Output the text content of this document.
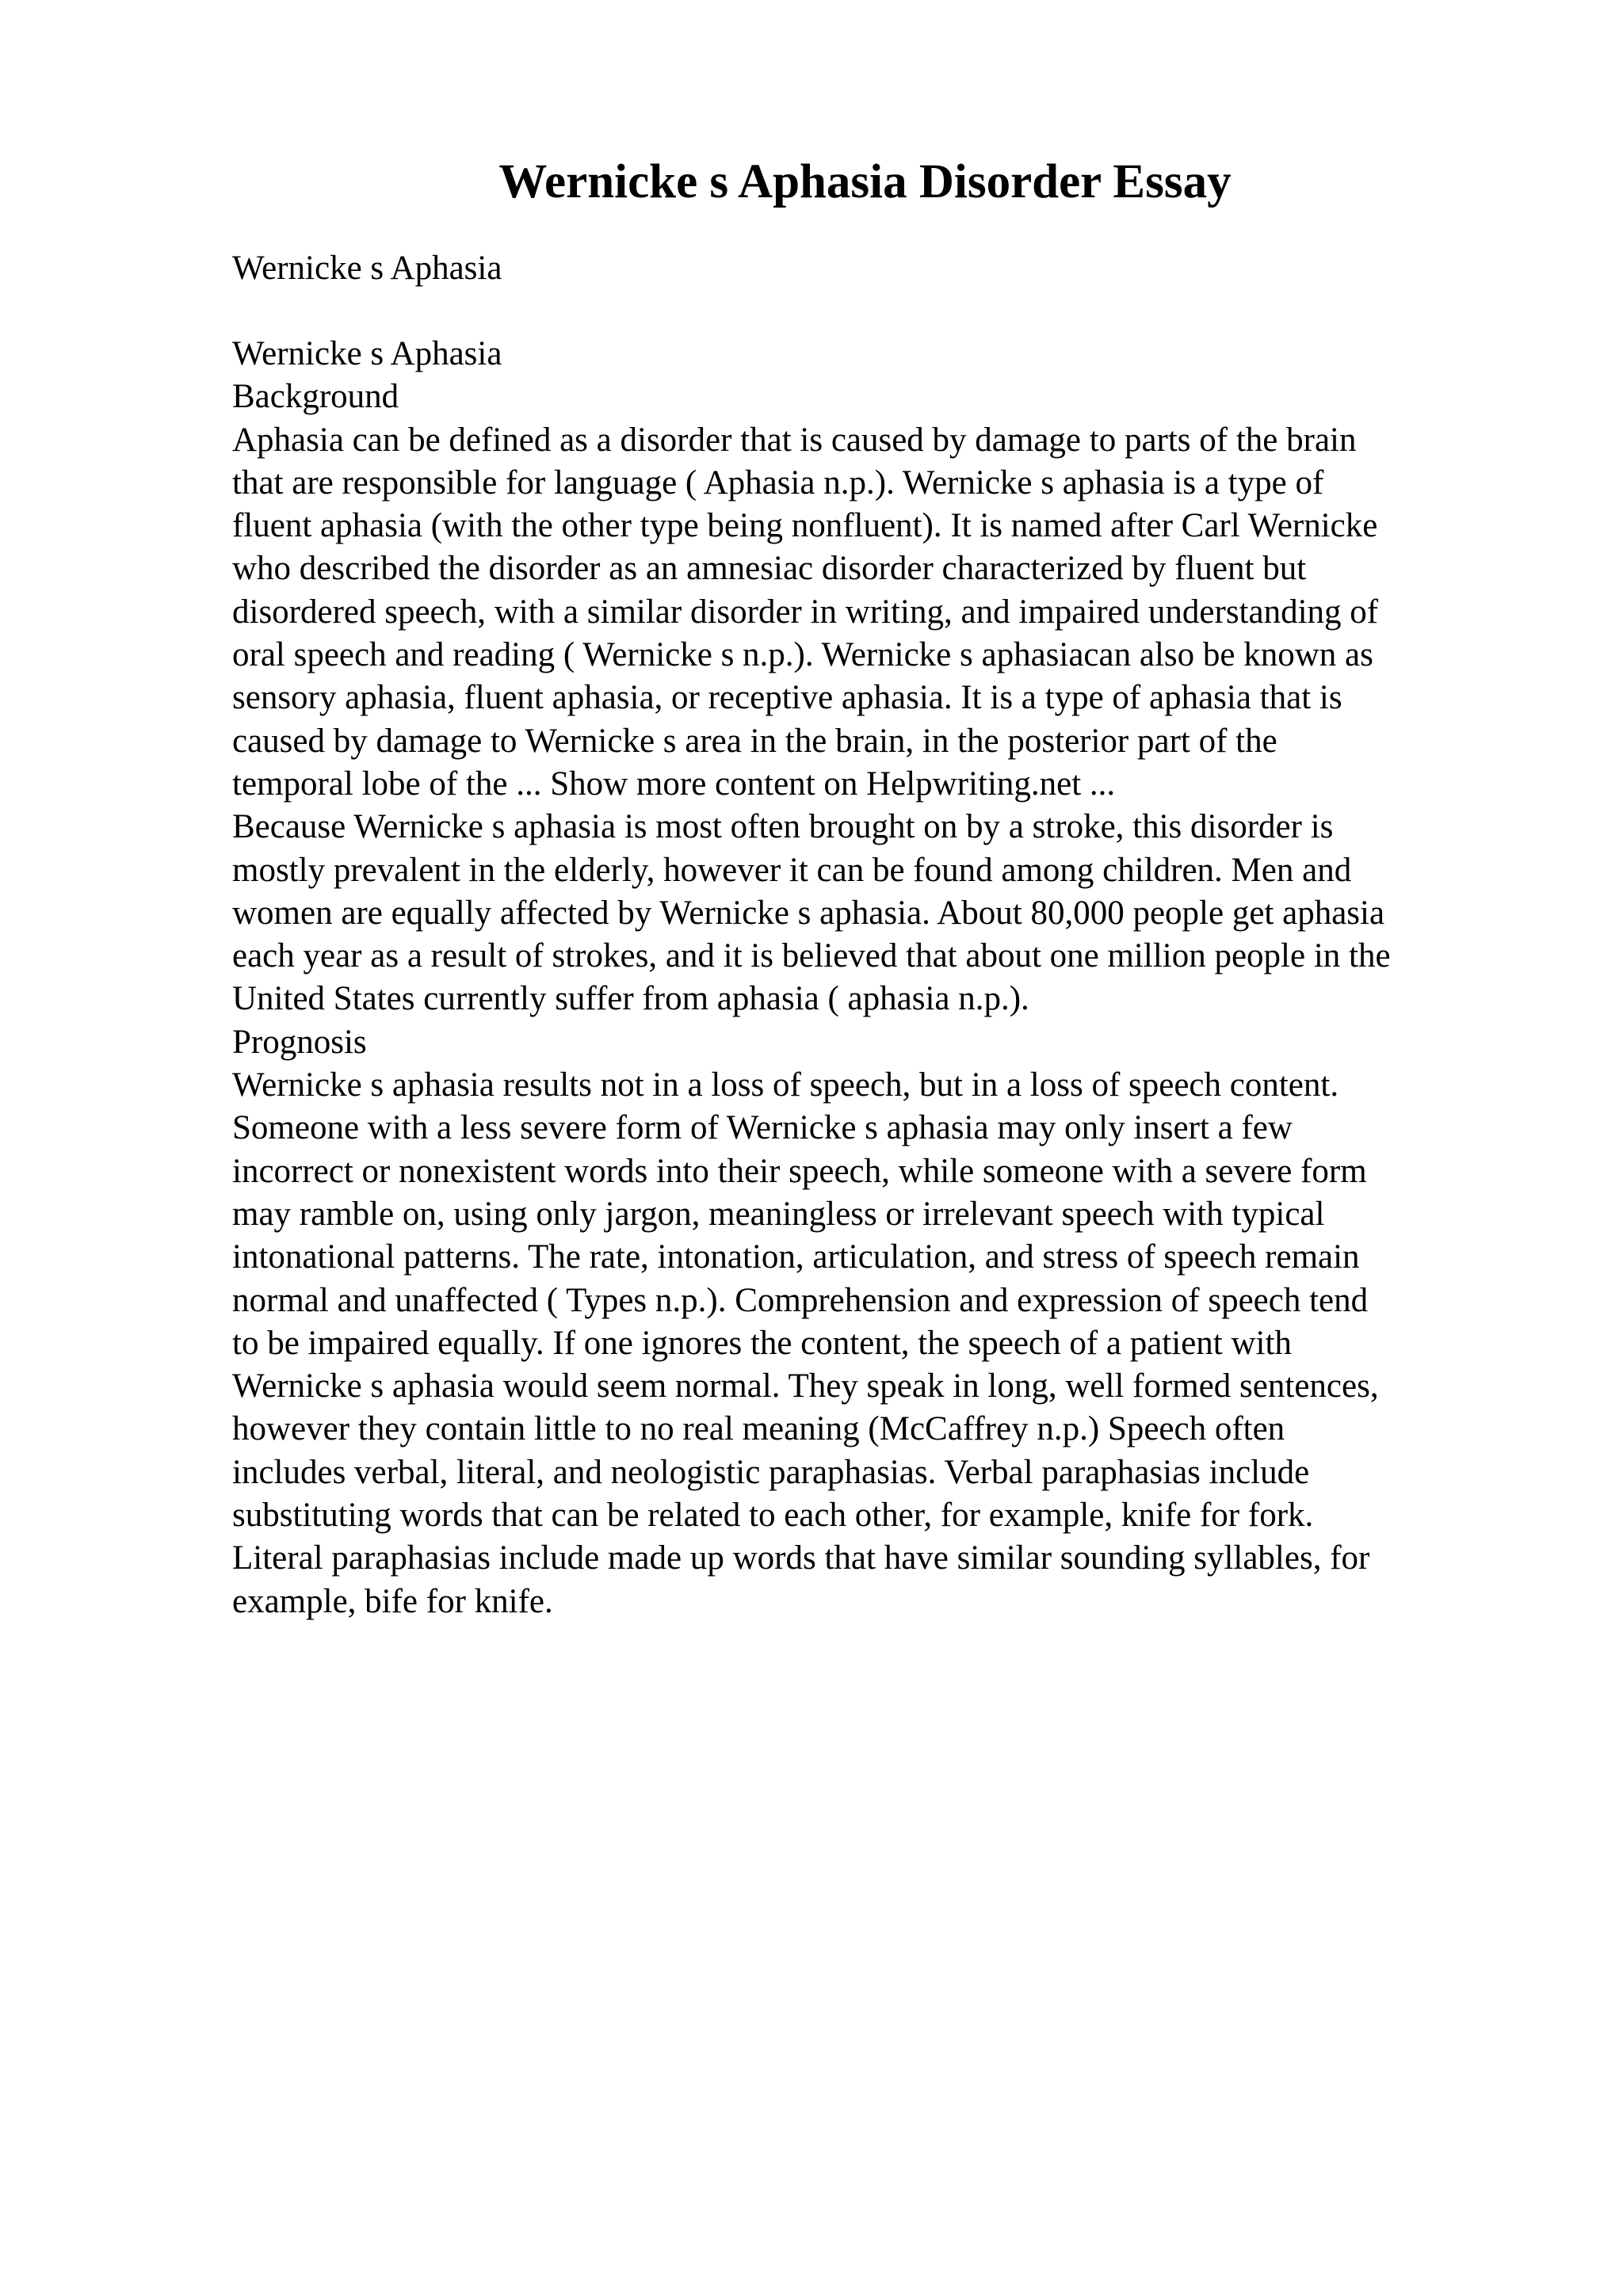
Wernicke s Aphasia Disorder Essay
Wernicke s Aphasia
Wernicke s Aphasia
Background
Aphasia can be defined as a disorder that is caused by damage to parts of the brain
that are responsible for language ( Aphasia n.p.). Wernicke s aphasia is a type of
fluent aphasia (with the other type being nonfluent). It is named after Carl Wernicke
who described the disorder as an amnesiac disorder characterized by fluent but
disordered speech, with a similar disorder in writing, and impaired understanding of
oral speech and reading ( Wernicke s n.p.). Wernicke s aphasiacan also be known as
sensory aphasia, fluent aphasia, or receptive aphasia. It is a type of aphasia that is
caused by damage to Wernicke s area in the brain, in the posterior part of the
temporal lobe of the ... Show more content on Helpwriting.net ...
Because Wernicke s aphasia is most often brought on by a stroke, this disorder is
mostly prevalent in the elderly, however it can be found among children. Men and
women are equally affected by Wernicke s aphasia. About 80,000 people get aphasia
each year as a result of strokes, and it is believed that about one million people in the
United States currently suffer from aphasia ( aphasia n.p.).
Prognosis
Wernicke s aphasia results not in a loss of speech, but in a loss of speech content.
Someone with a less severe form of Wernicke s aphasia may only insert a few
incorrect or nonexistent words into their speech, while someone with a severe form
may ramble on, using only jargon, meaningless or irrelevant speech with typical
intonational patterns. The rate, intonation, articulation, and stress of speech remain
normal and unaffected ( Types n.p.). Comprehension and expression of speech tend
to be impaired equally. If one ignores the content, the speech of a patient with
Wernicke s aphasia would seem normal. They speak in long, well formed sentences,
however they contain little to no real meaning (McCaffrey n.p.) Speech often
includes verbal, literal, and neologistic paraphasias. Verbal paraphasias include
substituting words that can be related to each other, for example, knife for fork.
Literal paraphasias include made up words that have similar sounding syllables, for
example, bife for knife.
